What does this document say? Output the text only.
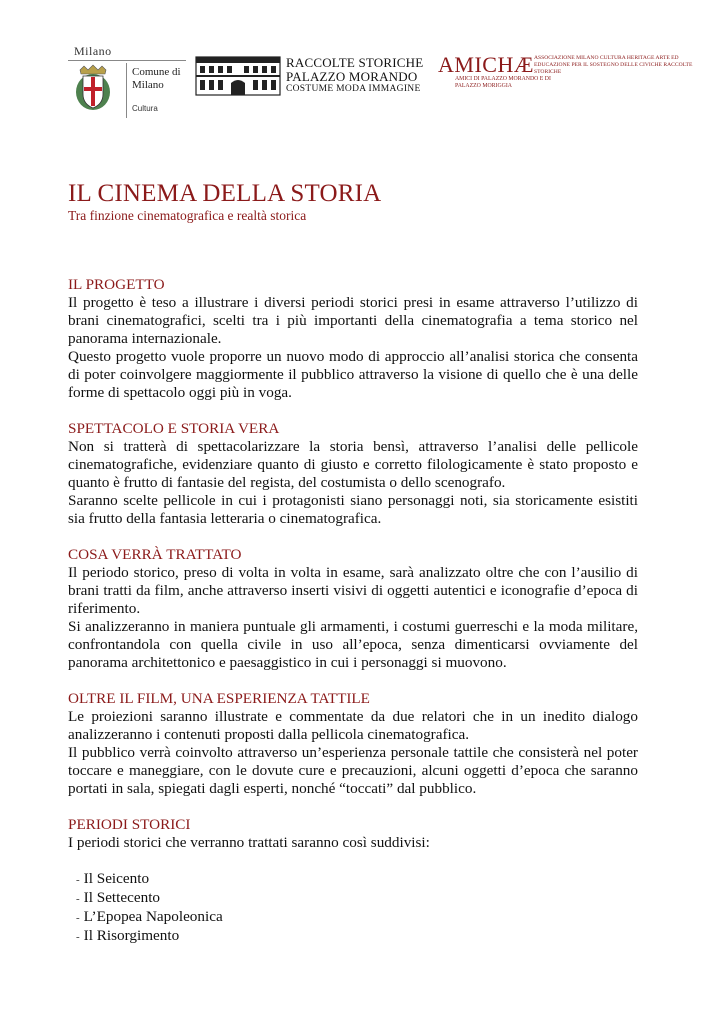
Milano
Comune di Milano
Cultura
RACCOLTE STORICHE
PALAZZO MORANDO
COSTUME MODA IMMAGINE
AMICHÆ ASSOCIAZIONE MILANO CULTURA HERITAGE ARTE ED EDUCAZIONE PER IL SOSTEGNO DELLE CIVICHE RACCOLTE STORICHE
AMICI DI PALAZZO MORANDO E DI PALAZZO MORIGGIA
IL CINEMA DELLA STORIA
Tra finzione cinematografica e realtà storica
IL PROGETTO
Il progetto è teso a illustrare i diversi periodi storici presi in esame attraverso l’utilizzo di brani cinematografici, scelti tra i più importanti della cinematografia a tema storico nel panorama internazionale.
Questo progetto vuole proporre un nuovo modo di approccio all’analisi storica che consenta di poter coinvolgere maggiormente il pubblico attraverso la visione di quello che è una delle forme di spettacolo oggi più in voga.
SPETTACOLO E STORIA VERA
Non si tratterà di spettacolarizzare la storia bensì, attraverso l’analisi delle pellicole cinematografiche, evidenziare quanto di giusto e corretto filologicamente è stato proposto e quanto è frutto di fantasie del regista, del costumista o dello scenografo.
Saranno scelte pellicole in cui i protagonisti siano personaggi noti, sia storicamente esistiti sia frutto della fantasia letteraria o cinematografica.
COSA VERRÀ TRATTATO
Il periodo storico, preso di volta in volta in esame, sarà analizzato oltre che con l’ausilio di brani tratti da film, anche attraverso inserti visivi di oggetti autentici e iconografie d’epoca di riferimento.
Si analizzeranno in maniera puntuale gli armamenti, i costumi guerreschi e la moda militare, confrontandola con quella civile in uso all’epoca, senza dimenticarsi ovviamente del panorama architettonico e paesaggistico in cui i personaggi si muovono.
OLTRE IL FILM, UNA ESPERIENZA TATTILE
Le proiezioni saranno illustrate e commentate da due relatori che in un inedito dialogo analizzeranno i contenuti proposti dalla pellicola cinematografica.
Il pubblico verrà coinvolto attraverso un’esperienza personale tattile che consisterà nel poter toccare e maneggiare, con le dovute cure e precauzioni, alcuni oggetti d’epoca che saranno portati in sala, spiegati dagli esperti, nonché “toccati” dal pubblico.
PERIODI STORICI
I periodi storici che verranno trattati saranno così suddivisi:
- Il Seicento
- Il Settecento
- L’Epopea Napoleonica
- Il Risorgimento
